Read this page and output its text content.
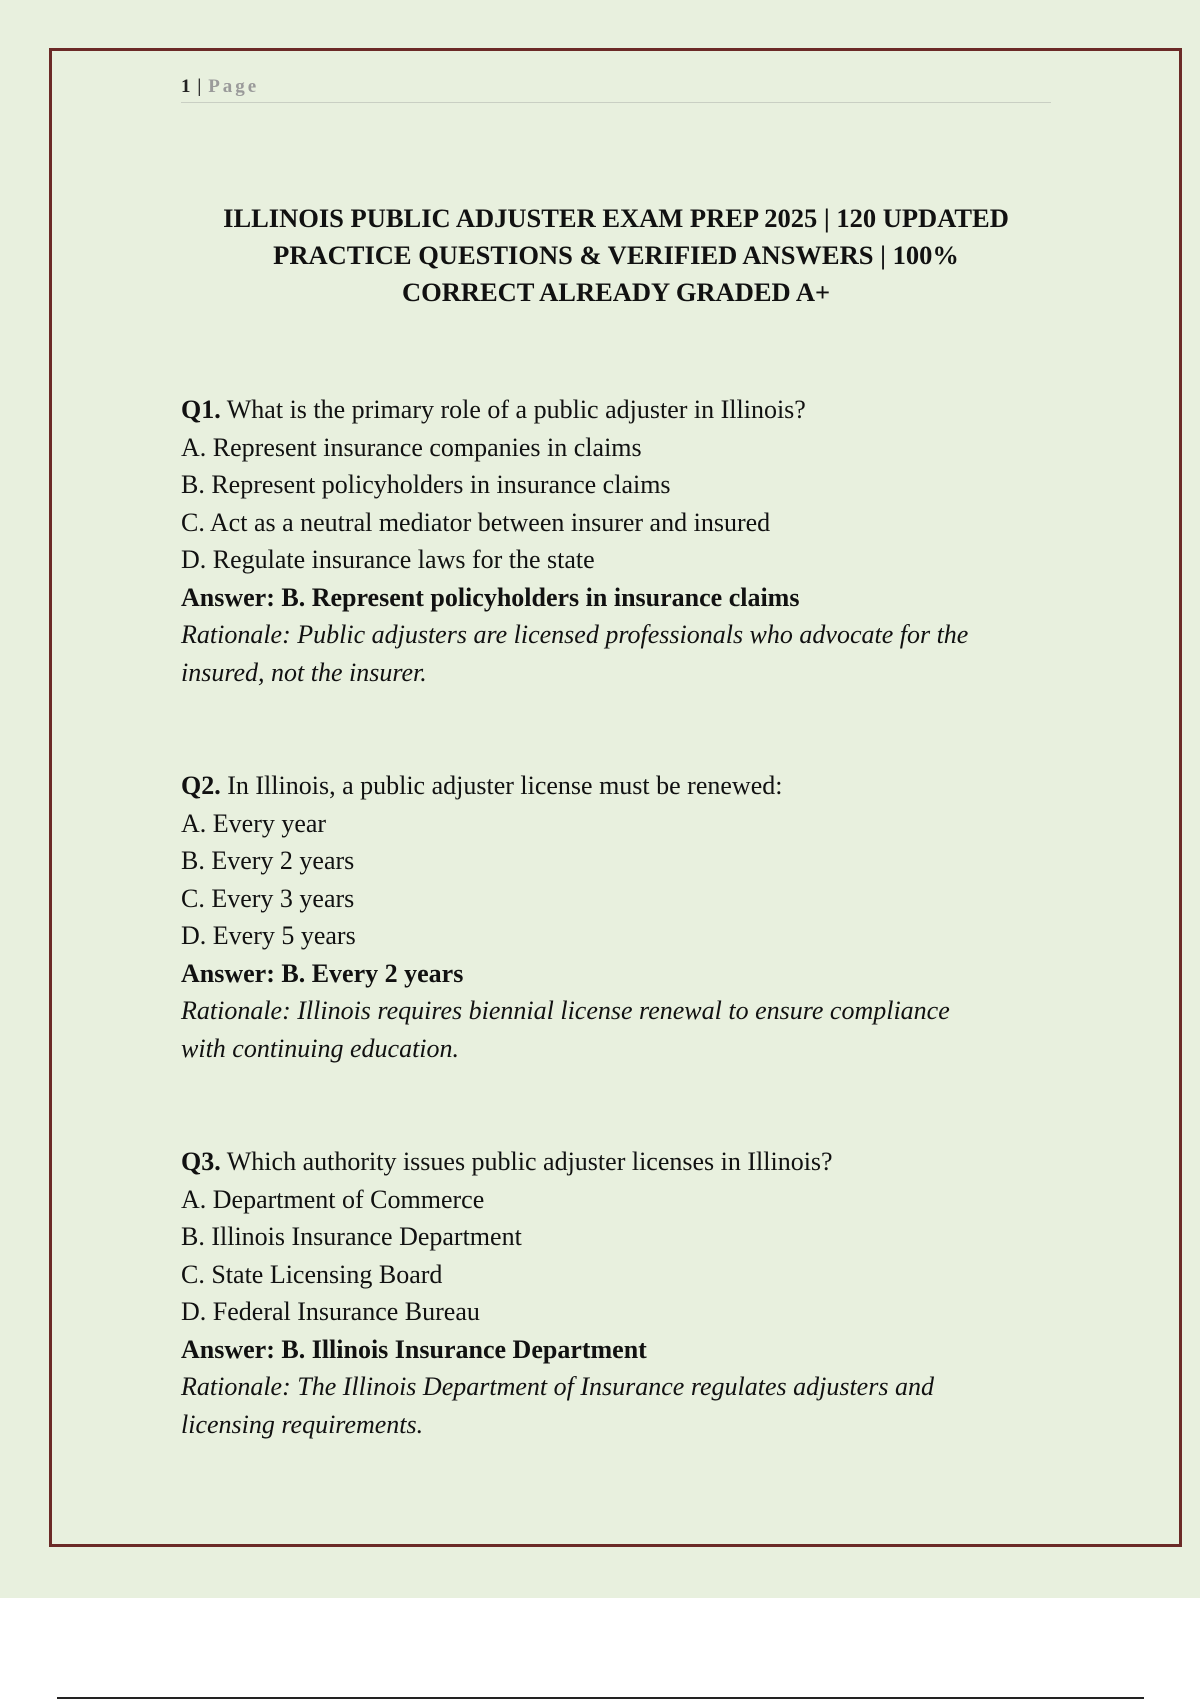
1 | Page
ILLINOIS PUBLIC ADJUSTER EXAM PREP 2025 | 120 UPDATED
PRACTICE QUESTIONS & VERIFIED ANSWERS | 100%
CORRECT ALREADY GRADED A+
Q1. What is the primary role of a public adjuster in Illinois?
A. Represent insurance companies in claims
B. Represent policyholders in insurance claims
C. Act as a neutral mediator between insurer and insured
D. Regulate insurance laws for the state
Answer: B. Represent policyholders in insurance claims
Rationale: Public adjusters are licensed professionals who advocate for the
insured, not the insurer.
Q2. In Illinois, a public adjuster license must be renewed:
A. Every year
B. Every 2 years
C. Every 3 years
D. Every 5 years
Answer: B. Every 2 years
Rationale: Illinois requires biennial license renewal to ensure compliance
with continuing education.
Q3. Which authority issues public adjuster licenses in Illinois?
A. Department of Commerce
B. Illinois Insurance Department
C. State Licensing Board
D. Federal Insurance Bureau
Answer: B. Illinois Insurance Department
Rationale: The Illinois Department of Insurance regulates adjusters and
licensing requirements.
